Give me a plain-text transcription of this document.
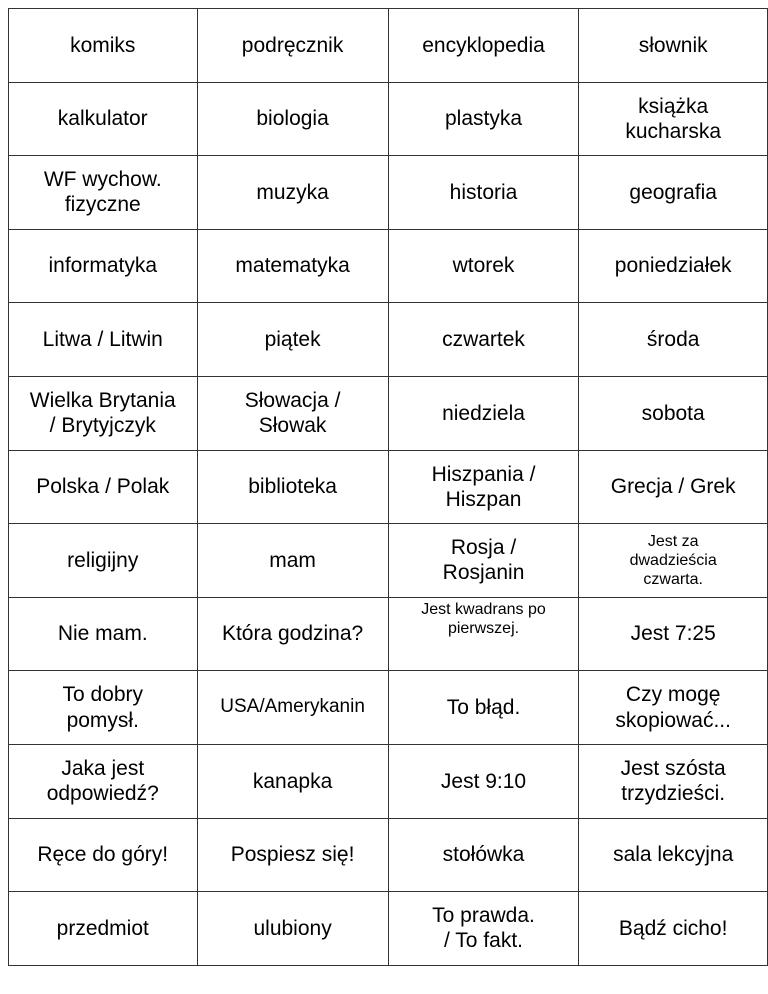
komiks	podręcznik	encyklopedia	słownik

kalkulator	biologia	plastyka	książka
kucharska

WF wychow.
fizyczne	muzyka	historia	geografia

informatyka	matematyka	wtorek	poniedziałek

Litwa / Litwin	piątek	czwartek	środa

Wielka Brytania
/ Brytyjczyk	Słowacja /
Słowak	niedziela	sobota

Polska / Polak	biblioteka	Hiszpania /
Hiszpan	Grecja / Grek

religijny	mam	Rosja /
Rosjanin	Jest za
dwadzieścia
czwarta.

Nie mam.	Która godzina?	Jest kwadrans po
pierwszej.	Jest 7:25

To dobry
pomysł.	USA/Amerykanin	To błąd.	Czy mogę
skopiować...

Jaka jest
odpowiedź?	kanapka	Jest 9:10	Jest szósta
trzydzieści.

Ręce do góry!	Pospiesz się!	stołówka	sala lekcyjna

przedmiot	ulubiony	To prawda.
/ To fakt.	Bądź cicho!
